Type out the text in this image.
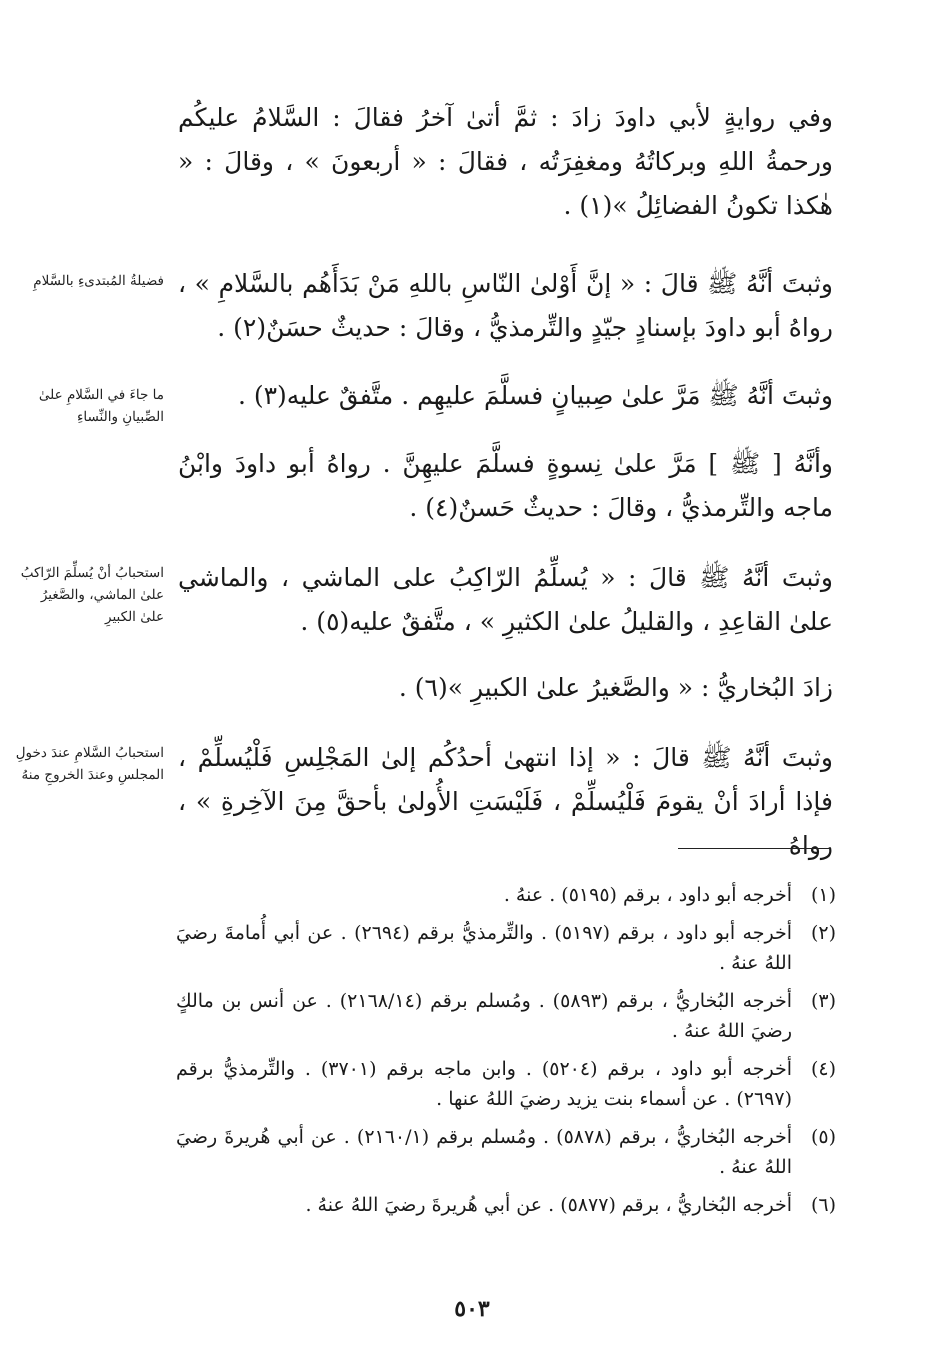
وفي روايةٍ لأبي داودَ زادَ : ثمَّ أتىٰ آخرُ فقالَ : السَّلامُ عليكُم ورحمةُ اللهِ وبركاتُهُ ومغفِرَتُه ، فقالَ : « أربعونَ » ، وقالَ : « هٰكذا تكونُ الفضائِلُ »(١) .

وثبتَ أنَّهُ ﷺ قالَ : « إنَّ أَوْلىٰ النّاسِ باللهِ مَنْ بَدَأَهُم بالسَّلامِ » ، رواهُ أبو داودَ بإسنادٍ جيّدٍ والتِّرمذيُّ ، وقالَ : حديثٌ حسَنٌ(٢) .

وثبتَ أنَّهُ ﷺ مَرَّ علىٰ صِبيانٍ فسلَّمَ عليهِم . متَّفقٌ عليه(٣) .

وأنَّهُ [ ﷺ ] مَرَّ علىٰ نِسوةٍ فسلَّمَ عليهِنَّ . رواهُ أبو داودَ وابْنُ ماجه والتِّرمذيُّ ، وقالَ : حديثٌ حَسنٌ(٤) .

وثبتَ أنَّهُ ﷺ قالَ : « يُسلِّمُ الرّاكِبُ على الماشي ، والماشي علىٰ القاعِدِ ، والقليلُ علىٰ الكثيرِ » ، متَّفقٌ عليه(٥) .

زادَ البُخاريُّ : « والصَّغيرُ علىٰ الكبيرِ »(٦) .

وثبتَ أنَّهُ ﷺ قالَ : « إذا انتهىٰ أحدُكُم إلىٰ المَجْلِسِ فَلْيُسلِّمْ ، فإذا أرادَ أنْ يقومَ فَلْيُسلِّمْ ، فَلَيْسَتِ الأُولىٰ بأحقَّ مِنَ الآخِرةِ » ، رواهُ

فضيلةُ المُبتدىءِ بالسَّلامِ
ما جاءَ في السَّلامِ علىٰ الصِّبيانِ والنِّساءِ
استحبابُ أنْ يُسلِّمَ الرّاكبُ علىٰ الماشي، والصَّغيرُ علىٰ الكبيرِ
استحبابُ السَّلامِ عندَ دخولِ المجلسِ وعندَ الخروجِ منهُ
(١)
أخرجه أبو داود ، برقم (٥١٩٥) . عنهُ .
(٢)
أخرجه أبو داود ، برقم (٥١٩٧) . والتِّرمذيُّ برقم (٢٦٩٤) . عن أبي أُمامةَ رضيَ اللهُ عنهُ .
(٣)
أخرجه البُخاريُّ ، برقم (٥٨٩٣) . ومُسلم برقم (٢١٦٨/١٤) . عن أنس بن مالكٍ رضيَ اللهُ عنهُ .
(٤)
أخرجه أبو داود ، برقم (٥٢٠٤) . وابن ماجه برقم (٣٧٠١) . والتِّرمذيُّ برقم (٢٦٩٧) . عن أسماء بنت يزيد رضيَ اللهُ عنها .
(٥)
أخرجه البُخاريُّ ، برقم (٥٨٧٨) . ومُسلم برقم (٢١٦٠/١) . عن أبي هُريرةَ رضيَ اللهُ عنهُ .
(٦)
أخرجه البُخاريُّ ، برقم (٥٨٧٧) . عن أبي هُريرةَ رضيَ اللهُ عنهُ .
٥٠٣
